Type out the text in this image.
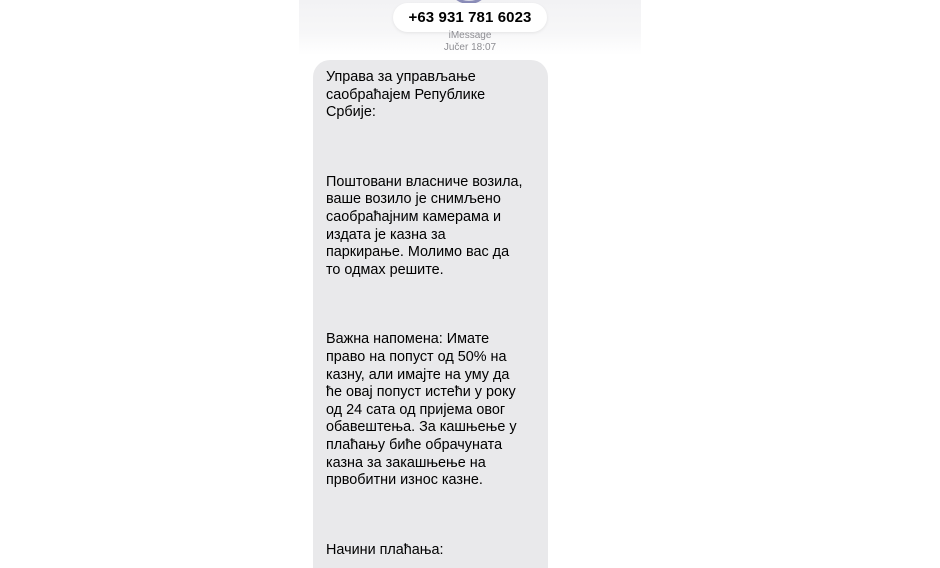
+63 931 781 6023
iMessage
Jučer 18:07

Управа за управљање
саобраћајем Републике
Србије:

Поштовани власниче возила,
ваше возило је снимљено
саобраћајним камерама и
издата је казна за
паркирање. Молимо вас да
то одмах решите.

Важна напомена: Имате
право на попуст од 50% на
казну, али имајте на уму да
ће овај попуст истећи у року
од 24 сата од пријема овог
обавештења. За кашњење у
плаћању биће обрачуната
казна за закашњење на
првобитни износ казне.

Начини плаћања:
